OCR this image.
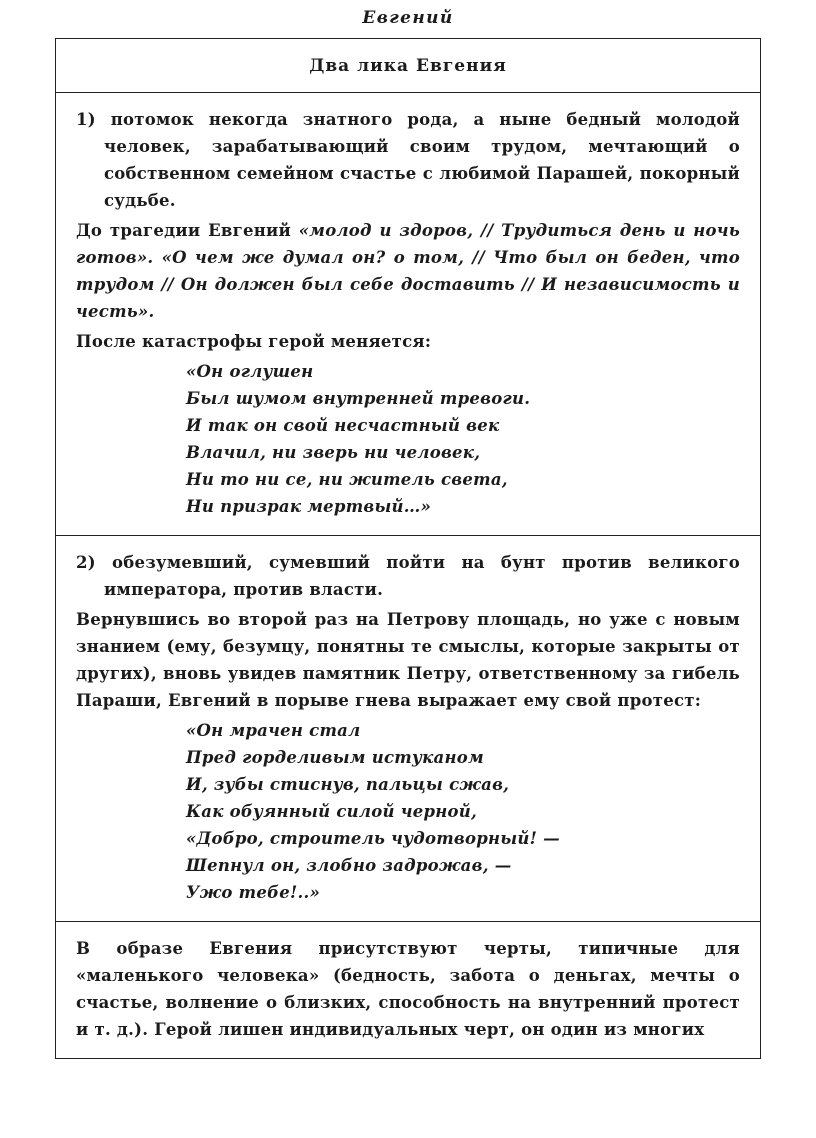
Евгений
Два лика Евгения

1) потомок некогда знатного рода, а ныне бедный молодой человек, зарабатывающий своим трудом, мечтающий о собственном семейном счастье с любимой Парашей, покорный судьбе.

До трагедии Евгений «молод и здоров, // Трудиться день и ночь готов». «О чем же думал он? о том, // Что был он беден, что трудом // Он должен был себе доставить // И независимость и честь».

После катастрофы герой меняется:

«Он оглушен
Был шумом внутренней тревоги.
И так он свой несчастный век
Влачил, ни зверь ни человек,
Ни то ни се, ни житель света,
Ни призрак мертвый…»

2) обезумевший, сумевший пойти на бунт против великого императора, против власти.

Вернувшись во второй раз на Петрову площадь, но уже с новым знанием (ему, безумцу, понятны те смыслы, которые закрыты от других), вновь увидев памятник Петру, ответственному за гибель Параши, Евгений в порыве гнева выражает ему свой протест:

«Он мрачен стал
Пред горделивым истуканом
И, зубы стиснув, пальцы сжав,
Как обуянный силой черной,
«Добро, строитель чудотворный! —
Шепнул он, злобно задрожав, —
Ужо тебе!..»

В образе Евгения присутствуют черты, типичные для «маленького человека» (бедность, забота о деньгах, мечты о счастье, волнение о близких, способность на внутренний протест и т. д.). Герой лишен индивидуальных черт, он один из многих
